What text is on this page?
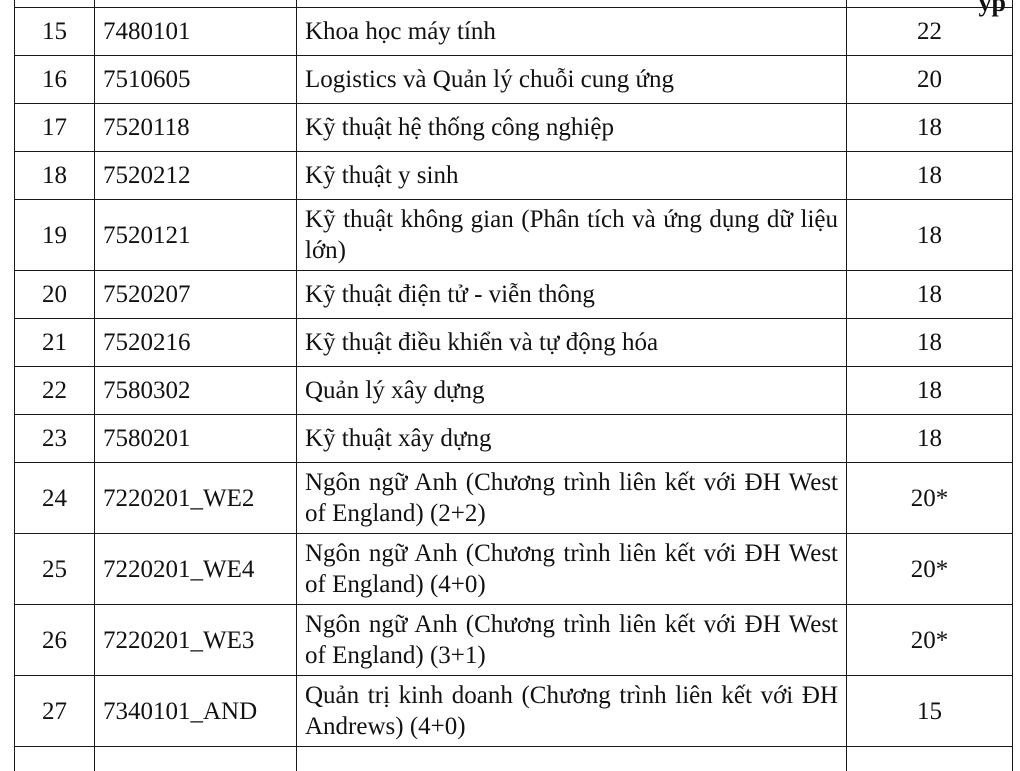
yp

15	7480101	Khoa học máy tính	22
16	7510605	Logistics và Quản lý chuỗi cung ứng	20
17	7520118	Kỹ thuật hệ thống công nghiệp	18
18	7520212	Kỹ thuật y sinh	18
19	7520121	Kỹ thuật không gian (Phân tích và ứng dụng dữ liệu lớn)	18
20	7520207	Kỹ thuật điện tử - viễn thông	18
21	7520216	Kỹ thuật điều khiển và tự động hóa	18
22	7580302	Quản lý xây dựng	18
23	7580201	Kỹ thuật xây dựng	18
24	7220201_WE2	Ngôn ngữ Anh (Chương trình liên kết với ĐH West of England) (2+2)	20*
25	7220201_WE4	Ngôn ngữ Anh (Chương trình liên kết với ĐH West of England) (4+0)	20*
26	7220201_WE3	Ngôn ngữ Anh (Chương trình liên kết với ĐH West of England) (3+1)	20*
27	7340101_AND	Quản trị kinh doanh (Chương trình liên kết với ĐH Andrews) (4+0)	15
